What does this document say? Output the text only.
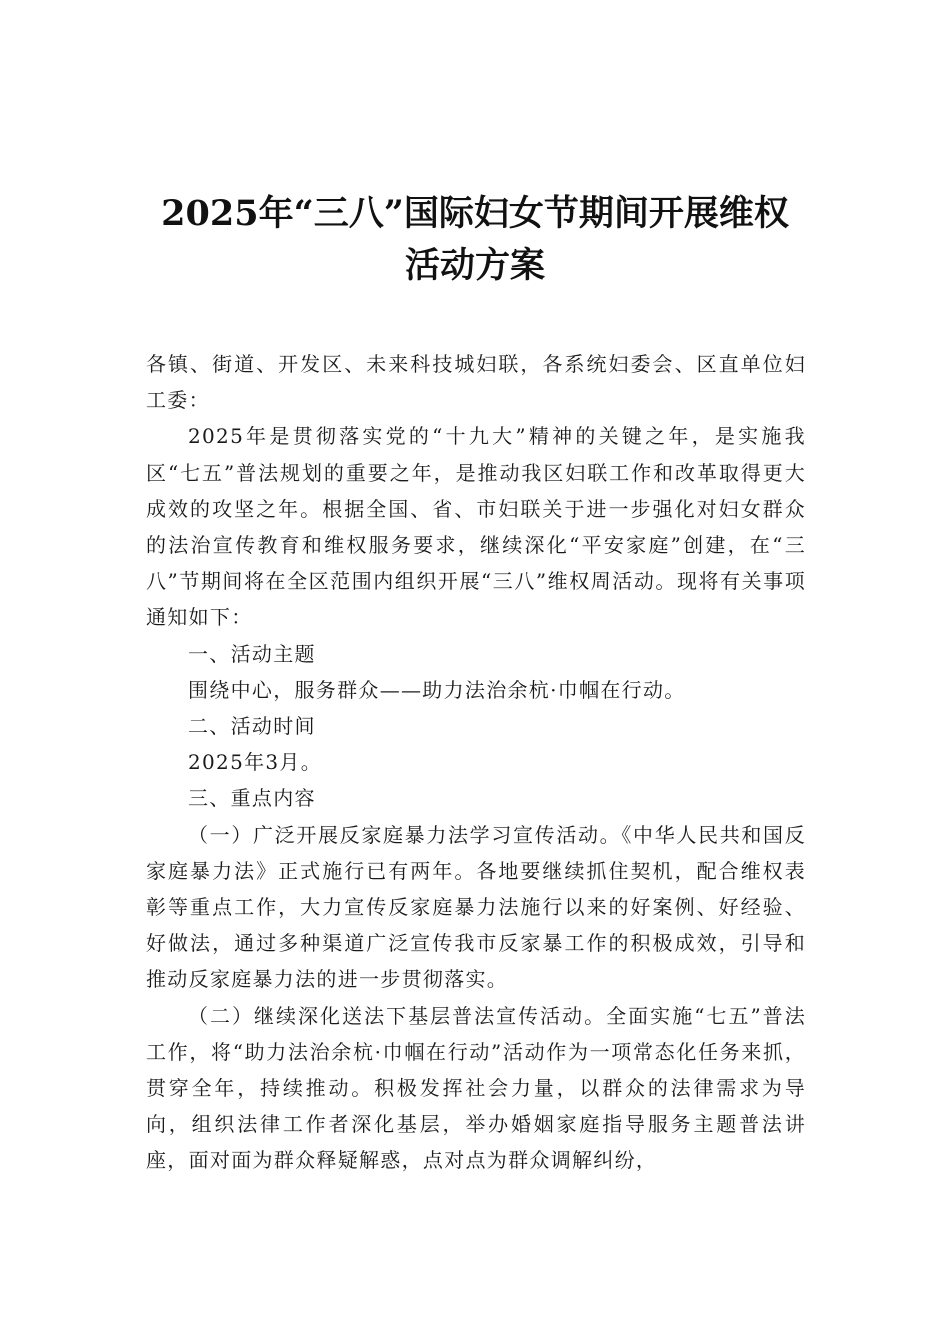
2025年“三八”国际妇女节期间开展维权
活动方案

各镇、街道、开发区、未来科技城妇联，各系统妇委会、区直单位妇工委：

2025年是贯彻落实党的“十九大”精神的关键之年，是实施我区“七五”普法规划的重要之年，是推动我区妇联工作和改革取得更大成效的攻坚之年。根据全国、省、市妇联关于进一步强化对妇女群众的法治宣传教育和维权服务要求，继续深化“平安家庭”创建，在“三八”节期间将在全区范围内组织开展“三八”维权周活动。现将有关事项通知如下：

一、活动主题

围绕中心，服务群众——助力法治余杭·巾帼在行动。

二、活动时间

2025年3月。

三、重点内容

（一）广泛开展反家庭暴力法学习宣传活动。《中华人民共和国反家庭暴力法》正式施行已有两年。各地要继续抓住契机，配合维权表彰等重点工作，大力宣传反家庭暴力法施行以来的好案例、好经验、好做法，通过多种渠道广泛宣传我市反家暴工作的积极成效，引导和推动反家庭暴力法的进一步贯彻落实。

（二）继续深化送法下基层普法宣传活动。全面实施“七五”普法工作，将“助力法治余杭·巾帼在行动”活动作为一项常态化任务来抓，贯穿全年，持续推动。积极发挥社会力量，以群众的法律需求为导向，组织法律工作者深化基层，举办婚姻家庭指导服务主题普法讲座，面对面为群众释疑解惑，点对点为群众调解纠纷，
